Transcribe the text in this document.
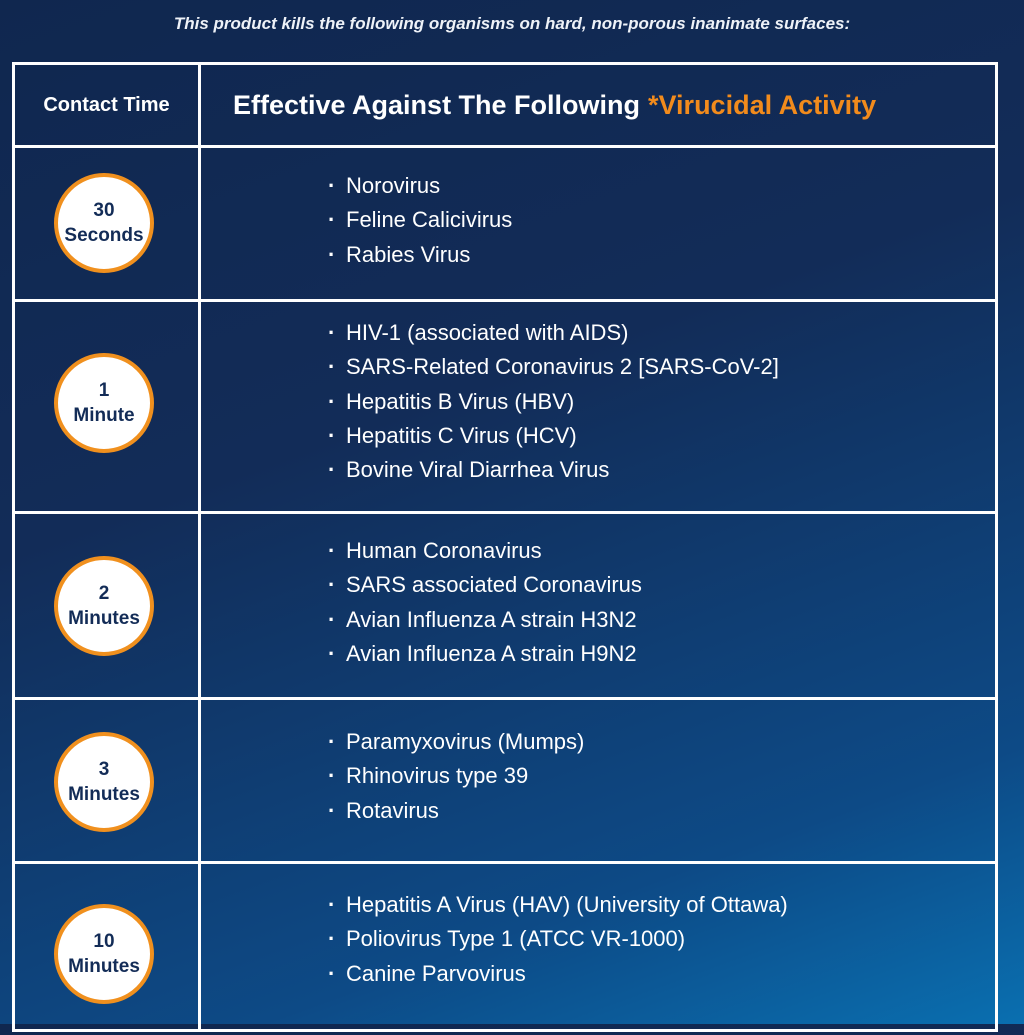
This product kills the following organisms on hard, non-porous inanimate surfaces:
Contact Time	Effective Against The Following *Virucidal Activity
30
Seconds
· Norovirus
· Feline Calicivirus
· Rabies Virus
1
Minute
· HIV-1 (associated with AIDS)
· SARS-Related Coronavirus 2 [SARS-CoV-2]
· Hepatitis B Virus (HBV)
· Hepatitis C Virus (HCV)
· Bovine Viral Diarrhea Virus
2
Minutes
· Human Coronavirus
· SARS associated Coronavirus
· Avian Influenza A strain H3N2
· Avian Influenza A strain H9N2
3
Minutes
· Paramyxovirus (Mumps)
· Rhinovirus type 39
· Rotavirus
10
Minutes
· Hepatitis A Virus (HAV) (University of Ottawa)
· Poliovirus Type 1 (ATCC VR-1000)
· Canine Parvovirus
